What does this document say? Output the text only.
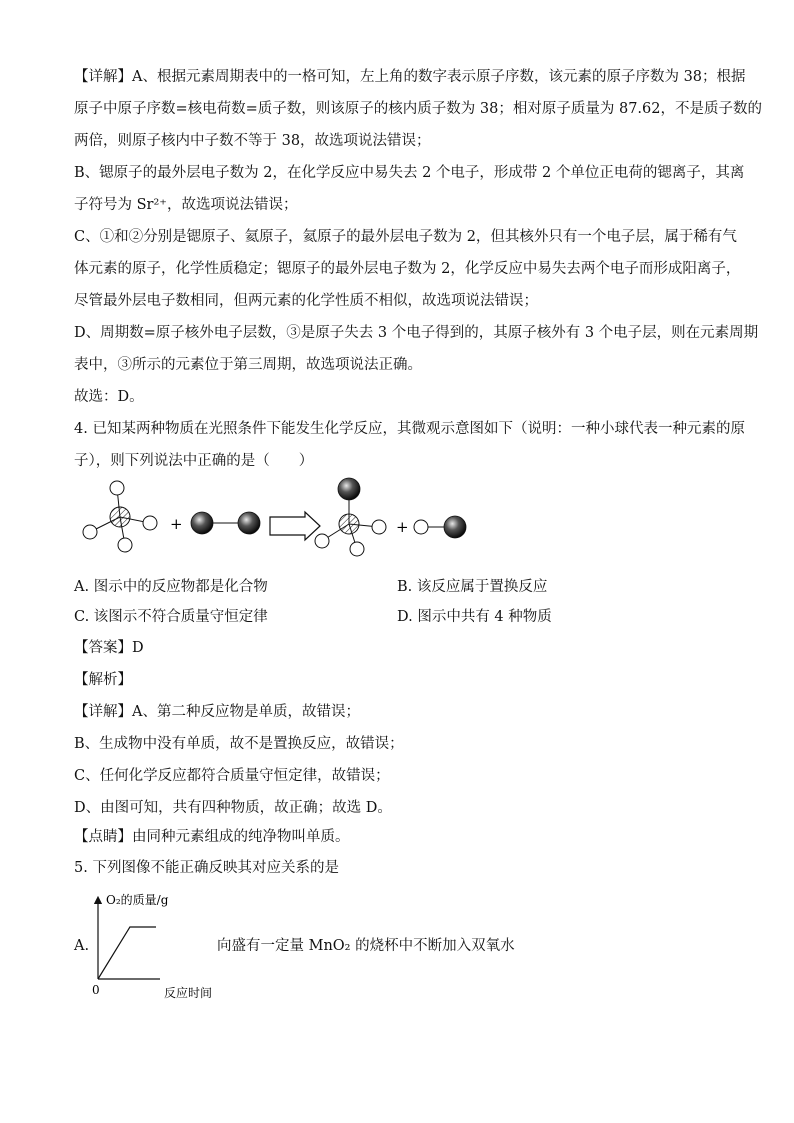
【详解】A、根据元素周期表中的一格可知，左上角的数字表示原子序数，该元素的原子序数为 38；根据
原子中原子序数=核电荷数=质子数，则该原子的核内质子数为 38；相对原子质量为 87.62，不是质子数的
两倍，则原子核内中子数不等于 38，故选项说法错误；
B、锶原子的最外层电子数为 2，在化学反应中易失去 2 个电子，形成带 2 个单位正电荷的锶离子，其离
子符号为 Sr²⁺，故选项说法错误；
C、①和②分别是锶原子、氦原子，氦原子的最外层电子数为 2，但其核外只有一个电子层，属于稀有气
体元素的原子，化学性质稳定；锶原子的最外层电子数为 2，化学反应中易失去两个电子而形成阳离子，
尽管最外层电子数相同，但两元素的化学性质不相似，故选项说法错误；
D、周期数=原子核外电子层数，③是原子失去 3 个电子得到的，其原子核外有 3 个电子层，则在元素周期
表中，③所示的元素位于第三周期，故选项说法正确。
故选：D。
4. 已知某两种物质在光照条件下能发生化学反应，其微观示意图如下（说明：一种小球代表一种元素的原
子），则下列说法中正确的是（　　）
+	+
A. 图示中的反应物都是化合物	B. 该反应属于置换反应
C. 该图示不符合质量守恒定律	D. 图示中共有 4 种物质
【答案】D
【解析】
【详解】A、第二种反应物是单质，故错误；
B、生成物中没有单质，故不是置换反应，故错误；
C、任何化学反应都符合质量守恒定律，故错误；
D、由图可知，共有四种物质，故正确；故选 D。
【点睛】由同种元素组成的纯净物叫单质。
5. 下列图像不能正确反映其对应关系的是
A.	向盛有一定量 MnO₂ 的烧杯中不断加入双氧水
O₂的质量/g
0	反应时间
